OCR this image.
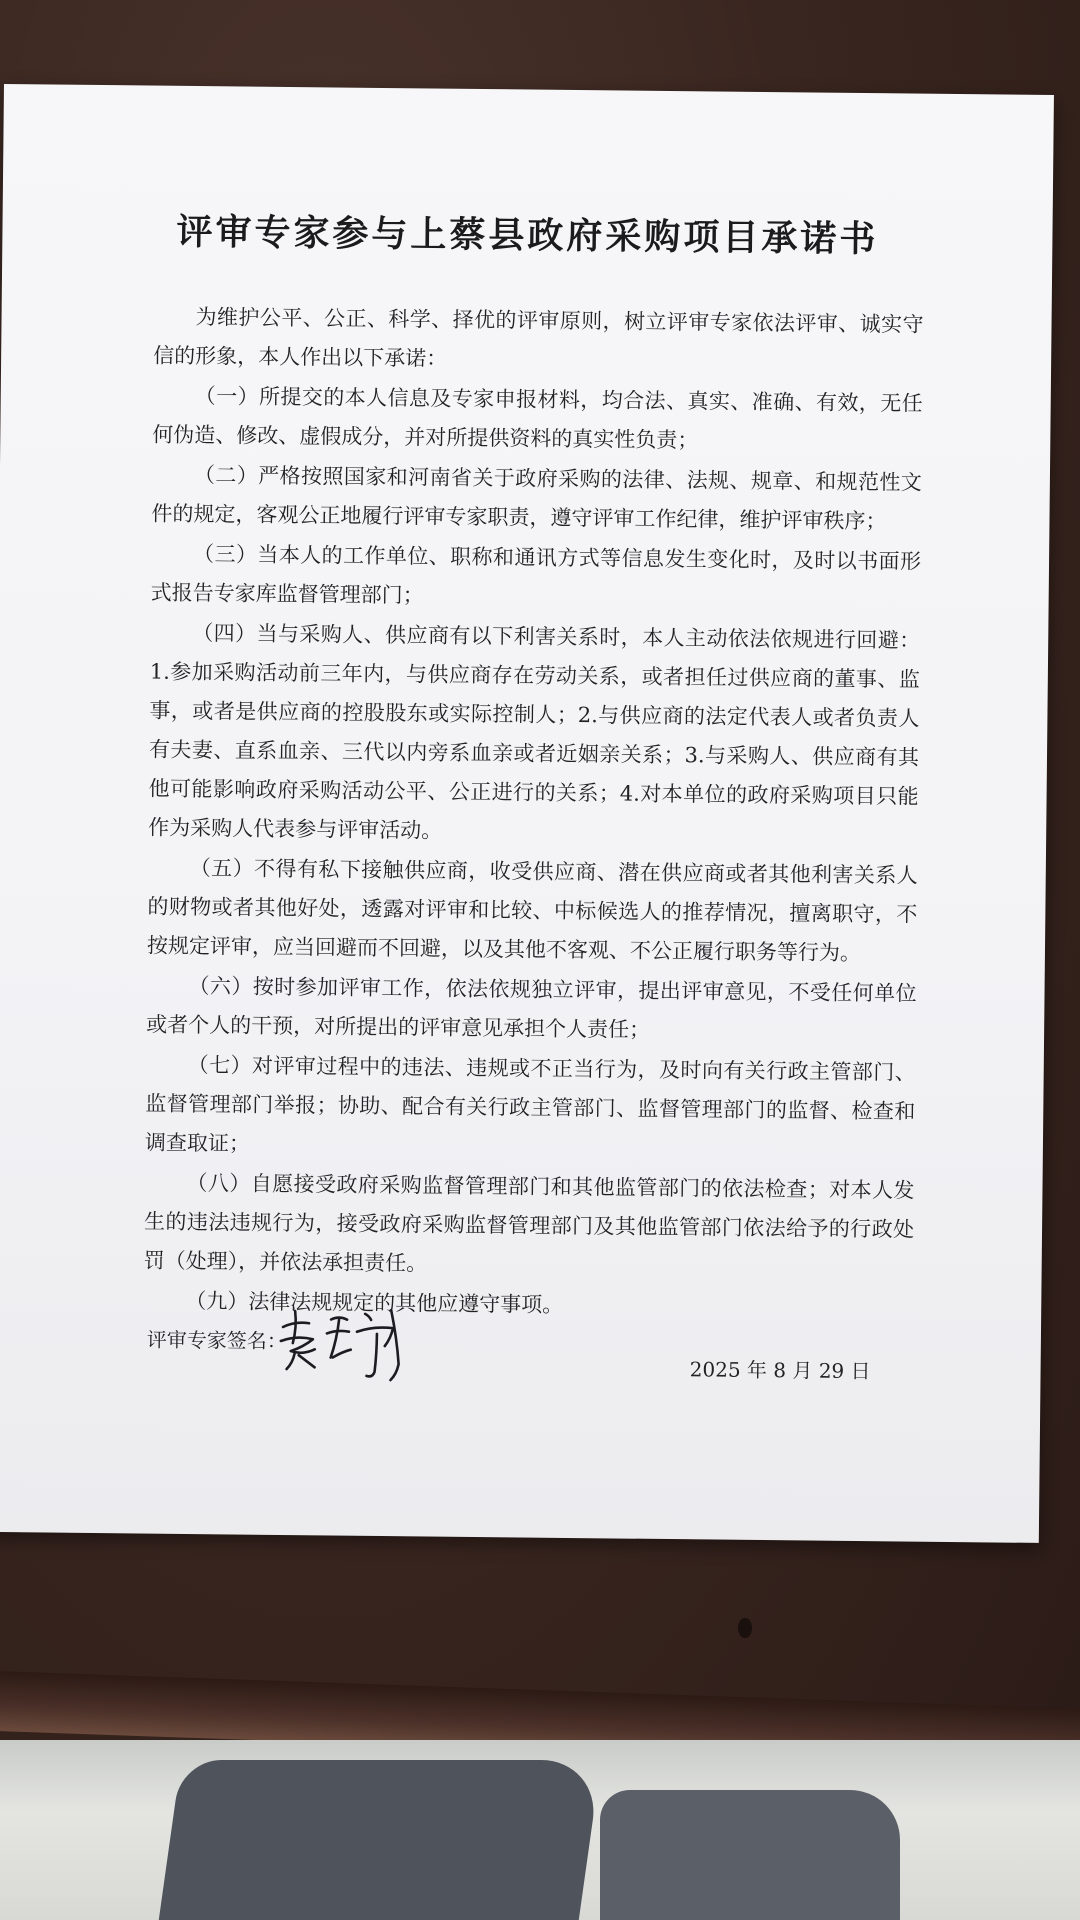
评审专家参与上蔡县政府采购项目承诺书

为维护公平、公正、科学、择优的评审原则，树立评审专家依法评审、诚实守信的形象，本人作出以下承诺：

（一）所提交的本人信息及专家申报材料，均合法、真实、准确、有效，无任何伪造、修改、虚假成分，并对所提供资料的真实性负责；

（二）严格按照国家和河南省关于政府采购的法律、法规、规章、和规范性文件的规定，客观公正地履行评审专家职责，遵守评审工作纪律，维护评审秩序；

（三）当本人的工作单位、职称和通讯方式等信息发生变化时，及时以书面形式报告专家库监督管理部门；

（四）当与采购人、供应商有以下利害关系时，本人主动依法依规进行回避：1.参加采购活动前三年内，与供应商存在劳动关系，或者担任过供应商的董事、监事，或者是供应商的控股股东或实际控制人；2.与供应商的法定代表人或者负责人有夫妻、直系血亲、三代以内旁系血亲或者近姻亲关系；3.与采购人、供应商有其他可能影响政府采购活动公平、公正进行的关系；4.对本单位的政府采购项目只能作为采购人代表参与评审活动。

（五）不得有私下接触供应商，收受供应商、潜在供应商或者其他利害关系人的财物或者其他好处，透露对评审和比较、中标候选人的推荐情况，擅离职守，不按规定评审，应当回避而不回避，以及其他不客观、不公正履行职务等行为。

（六）按时参加评审工作，依法依规独立评审，提出评审意见，不受任何单位或者个人的干预，对所提出的评审意见承担个人责任；

（七）对评审过程中的违法、违规或不正当行为，及时向有关行政主管部门、监督管理部门举报；协助、配合有关行政主管部门、监督管理部门的监督、检查和调查取证；

（八）自愿接受政府采购监督管理部门和其他监管部门的依法检查；对本人发生的违法违规行为，接受政府采购监督管理部门及其他监管部门依法给予的行政处罚（处理），并依法承担责任。

（九）法律法规规定的其他应遵守事项。

评审专家签名：
2025 年 8 月 29 日
